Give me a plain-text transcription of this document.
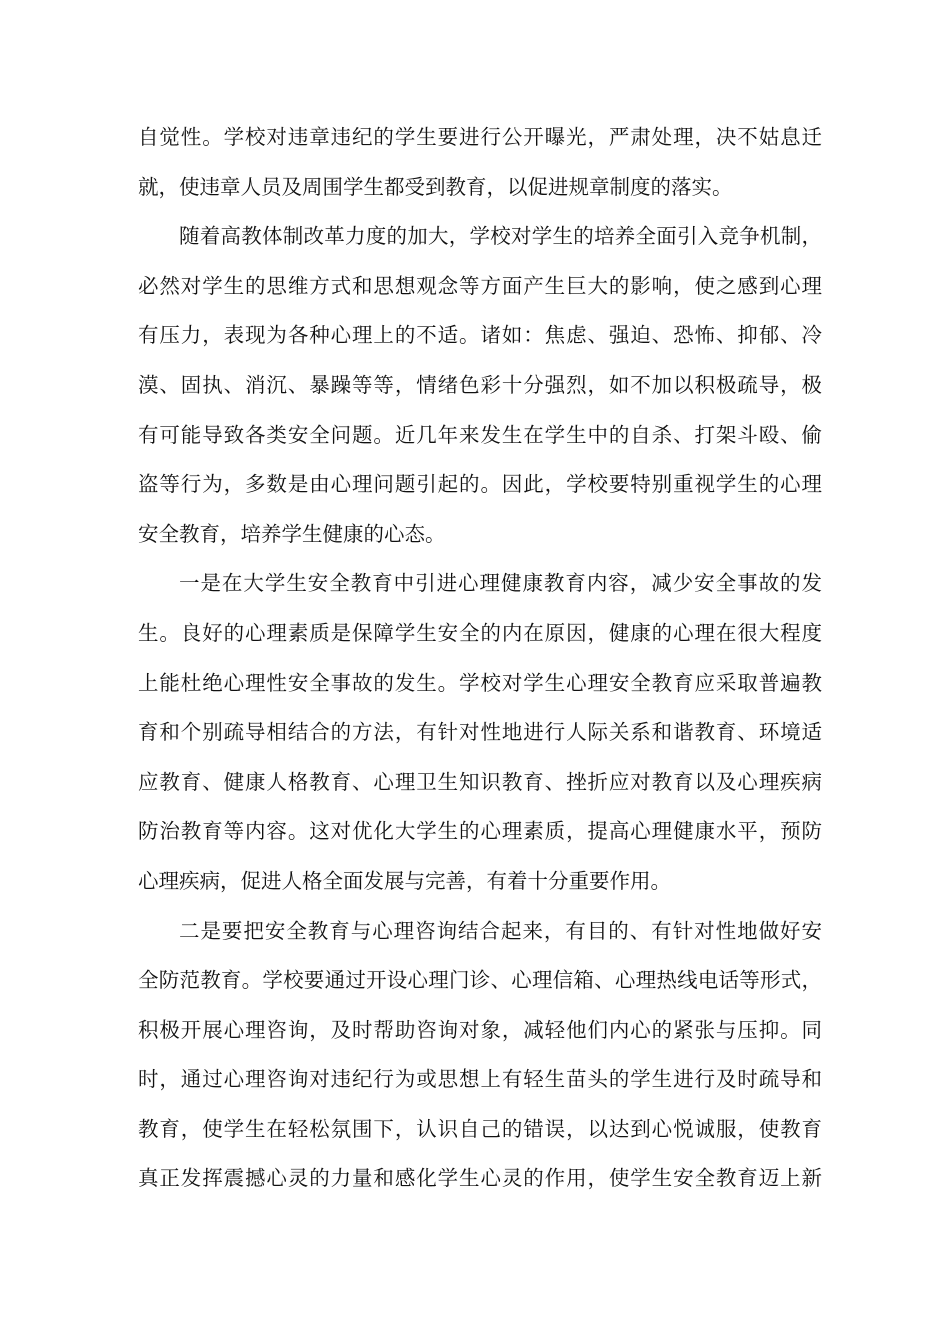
自觉性。学校对违章违纪的学生要进行公开曝光，严肃处理，决不姑息迁
就，使违章人员及周围学生都受到教育，以促进规章制度的落实。
随着高教体制改革力度的加大，学校对学生的培养全面引入竞争机制，
必然对学生的思维方式和思想观念等方面产生巨大的影响，使之感到心理
有压力，表现为各种心理上的不适。诸如：焦虑、强迫、恐怖、抑郁、冷
漠、固执、消沉、暴躁等等，情绪色彩十分强烈，如不加以积极疏导，极
有可能导致各类安全问题。近几年来发生在学生中的自杀、打架斗殴、偷
盗等行为，多数是由心理问题引起的。因此，学校要特别重视学生的心理
安全教育，培养学生健康的心态。
一是在大学生安全教育中引进心理健康教育内容，减少安全事故的发
生。良好的心理素质是保障学生安全的内在原因，健康的心理在很大程度
上能杜绝心理性安全事故的发生。学校对学生心理安全教育应采取普遍教
育和个别疏导相结合的方法，有针对性地进行人际关系和谐教育、环境适
应教育、健康人格教育、心理卫生知识教育、挫折应对教育以及心理疾病
防治教育等内容。这对优化大学生的心理素质，提高心理健康水平，预防
心理疾病，促进人格全面发展与完善，有着十分重要作用。
二是要把安全教育与心理咨询结合起来，有目的、有针对性地做好安
全防范教育。学校要通过开设心理门诊、心理信箱、心理热线电话等形式，
积极开展心理咨询，及时帮助咨询对象，减轻他们内心的紧张与压抑。同
时，通过心理咨询对违纪行为或思想上有轻生苗头的学生进行及时疏导和
教育，使学生在轻松氛围下，认识自己的错误，以达到心悦诚服，使教育
真正发挥震撼心灵的力量和感化学生心灵的作用，使学生安全教育迈上新
